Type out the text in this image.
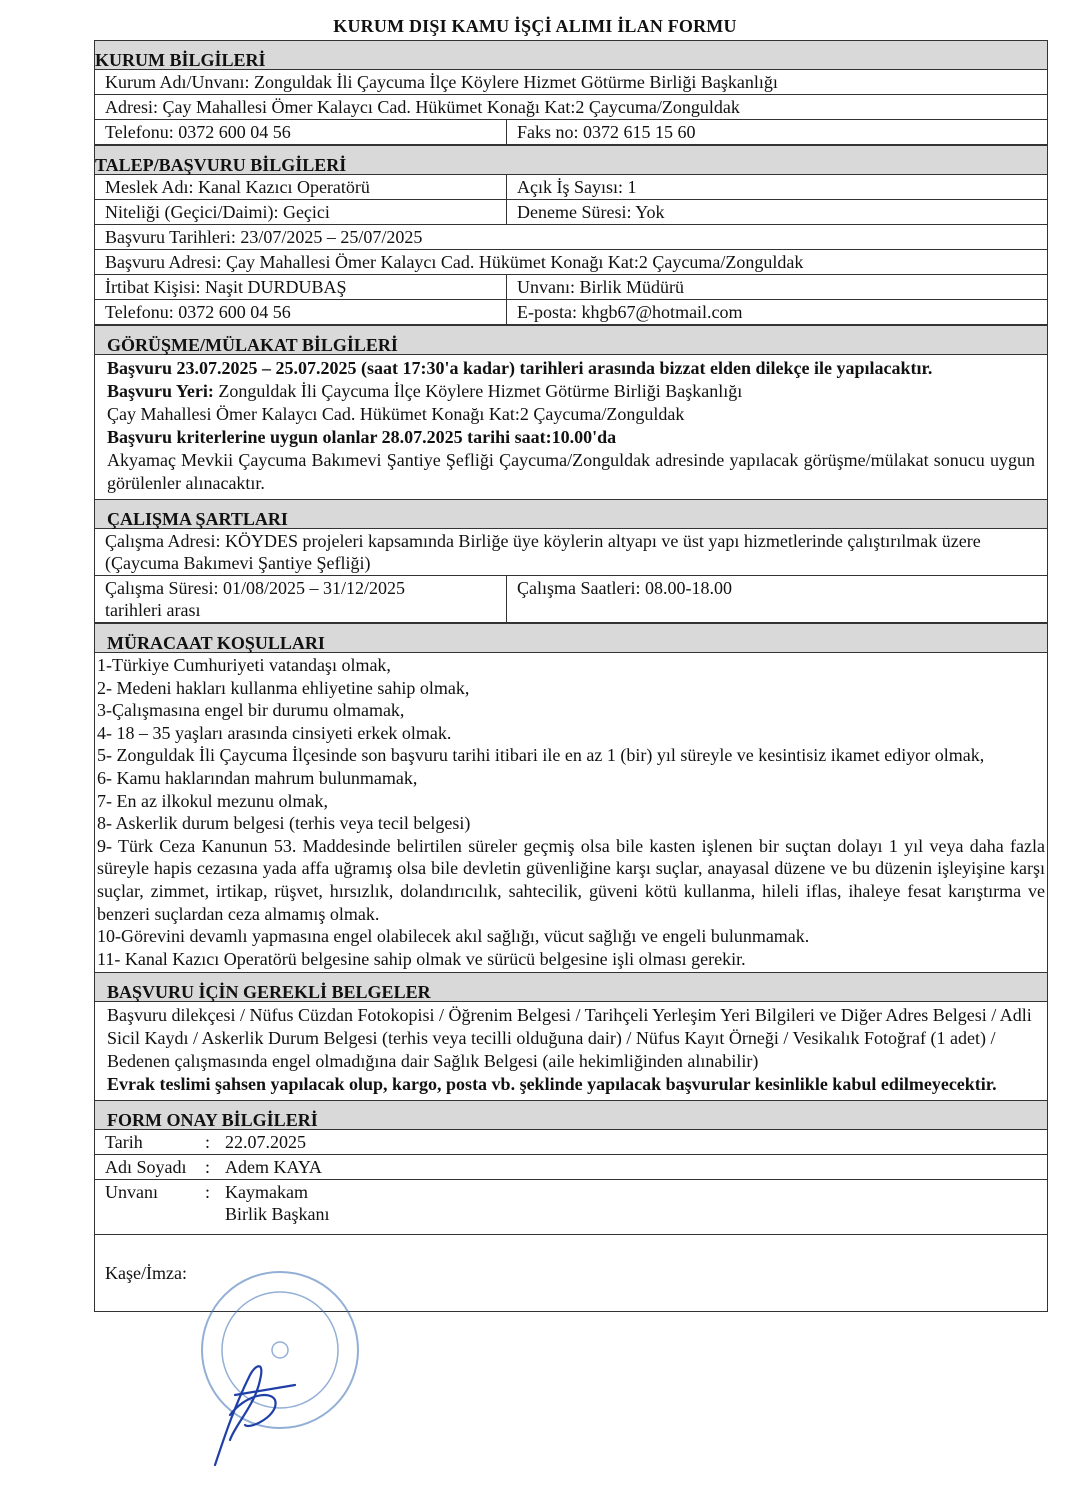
KURUM DIŞI KAMU İŞÇİ ALIMI İLAN FORMU
KURUM BİLGİLERİ
Kurum Adı/Unvanı: Zonguldak İli Çaycuma İlçe Köylere Hizmet Götürme Birliği Başkanlığı
Adresi: Çay Mahallesi Ömer Kalaycı Cad. Hükümet Konağı Kat:2 Çaycuma/Zonguldak
Telefonu: 0372 600 04 56	Faks no: 0372 615 15 60
TALEP/BAŞVURU BİLGİLERİ
Meslek Adı: Kanal Kazıcı Operatörü	Açık İş Sayısı: 1
Niteliği (Geçici/Daimi): Geçici	Deneme Süresi: Yok
Başvuru Tarihleri: 23/07/2025 – 25/07/2025
Başvuru Adresi: Çay Mahallesi Ömer Kalaycı Cad. Hükümet Konağı Kat:2 Çaycuma/Zonguldak
İrtibat Kişisi: Naşit DURDUBAŞ	Unvanı: Birlik Müdürü
Telefonu: 0372 600 04 56	E-posta: khgb67@hotmail.com
GÖRÜŞME/MÜLAKAT BİLGİLERİ
Başvuru 23.07.2025 – 25.07.2025 (saat 17:30'a kadar) tarihleri arasında bizzat elden dilekçe ile yapılacaktır.
Başvuru Yeri: Zonguldak İli Çaycuma İlçe Köylere Hizmet Götürme Birliği Başkanlığı
Çay Mahallesi Ömer Kalaycı Cad. Hükümet Konağı Kat:2 Çaycuma/Zonguldak
Başvuru kriterlerine uygun olanlar 28.07.2025 tarihi saat:10.00'da
Akyamaç Mevkii Çaycuma Bakımevi Şantiye Şefliği Çaycuma/Zonguldak adresinde yapılacak görüşme/mülakat sonucu uygun görülenler alınacaktır.
ÇALIŞMA ŞARTLARI
Çalışma Adresi: KÖYDES projeleri kapsamında Birliğe üye köylerin altyapı ve üst yapı hizmetlerinde çalıştırılmak üzere (Çaycuma Bakımevi Şantiye Şefliği)
Çalışma Süresi: 01/08/2025 – 31/12/2025
tarihleri arası
Çalışma Saatleri: 08.00-18.00
MÜRACAAT KOŞULLARI
1-Türkiye Cumhuriyeti vatandaşı olmak,
2- Medeni hakları kullanma ehliyetine sahip olmak,
3-Çalışmasına engel bir durumu olmamak,
4- 18 – 35 yaşları arasında cinsiyeti erkek olmak.
5- Zonguldak İli Çaycuma İlçesinde son başvuru tarihi itibari ile en az 1 (bir) yıl süreyle ve kesintisiz ikamet ediyor olmak,
6- Kamu haklarından mahrum bulunmamak,
7- En az ilkokul mezunu olmak,
8- Askerlik durum belgesi (terhis veya tecil belgesi)
9- Türk Ceza Kanunun 53. Maddesinde belirtilen süreler geçmiş olsa bile kasten işlenen bir suçtan dolayı 1 yıl veya daha fazla süreyle hapis cezasına yada affa uğramış olsa bile devletin güvenliğine karşı suçlar, anayasal düzene ve bu düzenin işleyişine karşı suçlar, zimmet, irtikap, rüşvet, hırsızlık, dolandırıcılık, sahtecilik, güveni kötü kullanma, hileli iflas, ihaleye fesat karıştırma ve benzeri suçlardan ceza almamış olmak.
10-Görevini devamlı yapmasına engel olabilecek akıl sağlığı, vücut sağlığı ve engeli bulunmamak.
11- Kanal Kazıcı Operatörü belgesine sahip olmak ve sürücü belgesine işli olması gerekir.
BAŞVURU İÇİN GEREKLİ BELGELER
Başvuru dilekçesi / Nüfus Cüzdan Fotokopisi / Öğrenim Belgesi / Tarihçeli Yerleşim Yeri Bilgileri ve Diğer Adres Belgesi / Adli Sicil Kaydı / Askerlik Durum Belgesi (terhis veya tecilli olduğuna dair) / Nüfus Kayıt Örneği / Vesikalık Fotoğraf (1 adet) / Bedenen çalışmasında engel olmadığına dair Sağlık Belgesi (aile hekimliğinden alınabilir)
Evrak teslimi şahsen yapılacak olup, kargo, posta vb. şeklinde yapılacak başvurular kesinlikle kabul edilmeyecektir.
FORM ONAY BİLGİLERİ
Tarih	: 22.07.2025
Adı Soyadı : Adem KAYA
Unvanı	: Kaymakam
Birlik Başkanı
Kaşe/İmza:
